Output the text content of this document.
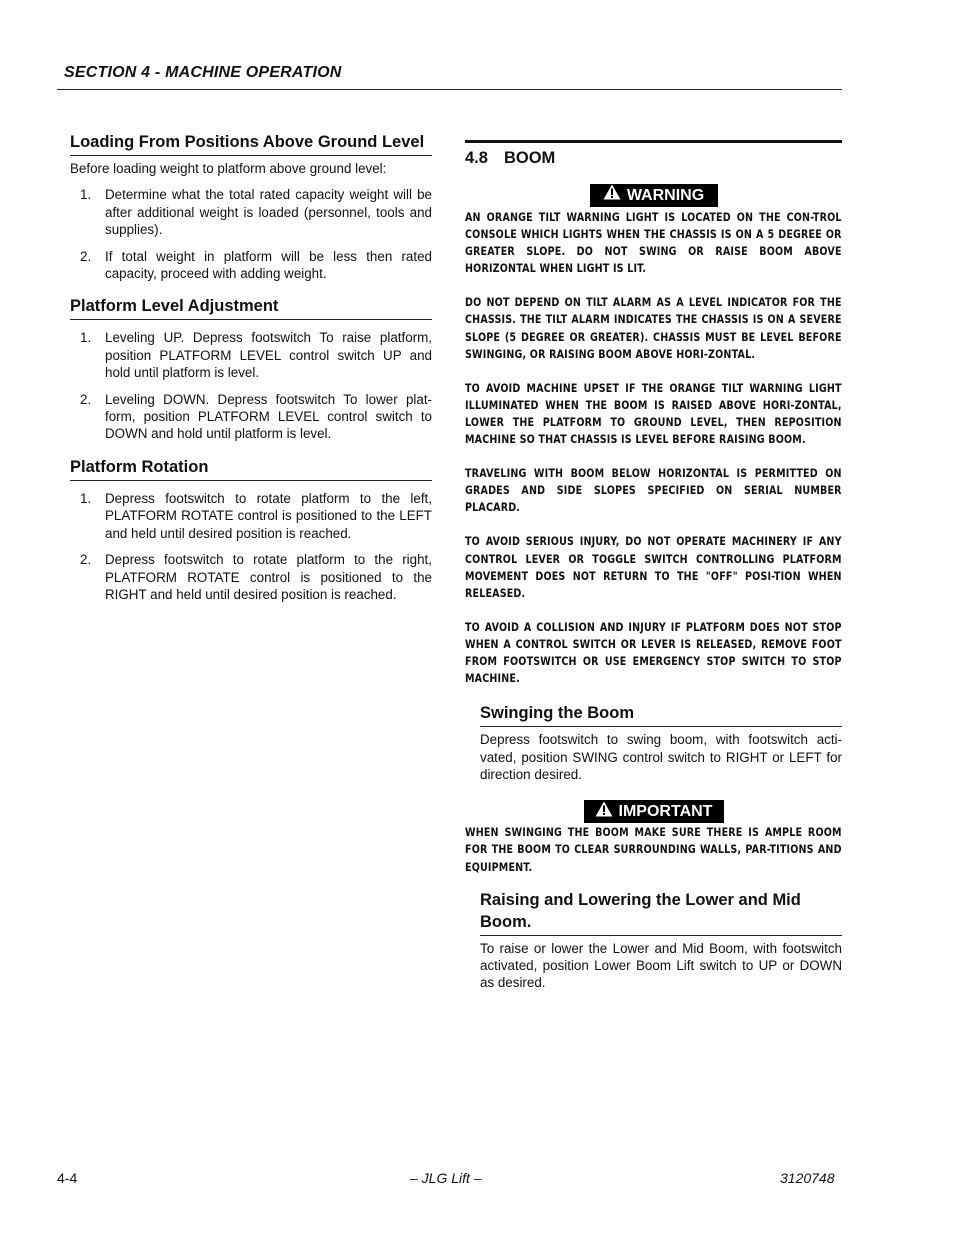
SECTION 4 - MACHINE OPERATION
Loading From Positions Above Ground Level

Before loading weight to platform above ground level:

1. Determine what the total rated capacity weight will be after additional weight is loaded (personnel, tools and supplies).
2. If total weight in platform will be less then rated capacity, proceed with adding weight.
Platform Level Adjustment
1. Leveling UP. Depress footswitch To raise platform, position PLATFORM LEVEL control switch UP and hold until platform is level.
2. Leveling DOWN. Depress footswitch To lower plat-form, position PLATFORM LEVEL control switch to DOWN and hold until platform is level.
Platform Rotation
1. Depress footswitch to rotate platform to the left, PLATFORM ROTATE control is positioned to the LEFT and held until desired position is reached.
2. Depress footswitch to rotate platform to the right, PLATFORM ROTATE control is positioned to the RIGHT and held until desired position is reached.
4.8 BOOM
WARNING

AN ORANGE TILT WARNING LIGHT IS LOCATED ON THE CON-TROL CONSOLE WHICH LIGHTS WHEN THE CHASSIS IS ON A 5 DEGREE OR GREATER SLOPE. DO NOT SWING OR RAISE BOOM ABOVE HORIZONTAL WHEN LIGHT IS LIT.

DO NOT DEPEND ON TILT ALARM AS A LEVEL INDICATOR FOR THE CHASSIS. THE TILT ALARM INDICATES THE CHASSIS IS ON A SEVERE SLOPE (5 DEGREE OR GREATER). CHASSIS MUST BE LEVEL BEFORE SWINGING, OR RAISING BOOM ABOVE HORI-ZONTAL.

TO AVOID MACHINE UPSET IF THE ORANGE TILT WARNING LIGHT ILLUMINATED WHEN THE BOOM IS RAISED ABOVE HORI-ZONTAL, LOWER THE PLATFORM TO GROUND LEVEL, THEN REPOSITION MACHINE SO THAT CHASSIS IS LEVEL BEFORE RAISING BOOM.

TRAVELING WITH BOOM BELOW HORIZONTAL IS PERMITTED ON GRADES AND SIDE SLOPES SPECIFIED ON SERIAL NUMBER PLACARD.

TO AVOID SERIOUS INJURY, DO NOT OPERATE MACHINERY IF ANY CONTROL LEVER OR TOGGLE SWITCH CONTROLLING PLATFORM MOVEMENT DOES NOT RETURN TO THE "OFF" POSI-TION WHEN RELEASED.

TO AVOID A COLLISION AND INJURY IF PLATFORM DOES NOT STOP WHEN A CONTROL SWITCH OR LEVER IS RELEASED, REMOVE FOOT FROM FOOTSWITCH OR USE EMERGENCY STOP SWITCH TO STOP MACHINE.

Swinging the Boom

Depress footswitch to swing boom, with footswitch acti-vated, position SWING control switch to RIGHT or LEFT for direction desired.

IMPORTANT

WHEN SWINGING THE BOOM MAKE SURE THERE IS AMPLE ROOM FOR THE BOOM TO CLEAR SURROUNDING WALLS, PAR-TITIONS AND EQUIPMENT.

Raising and Lowering the Lower and Mid Boom.

To raise or lower the Lower and Mid Boom, with footswitch activated, position Lower Boom Lift switch to UP or DOWN as desired.

4-4	– JLG Lift –	3120748
